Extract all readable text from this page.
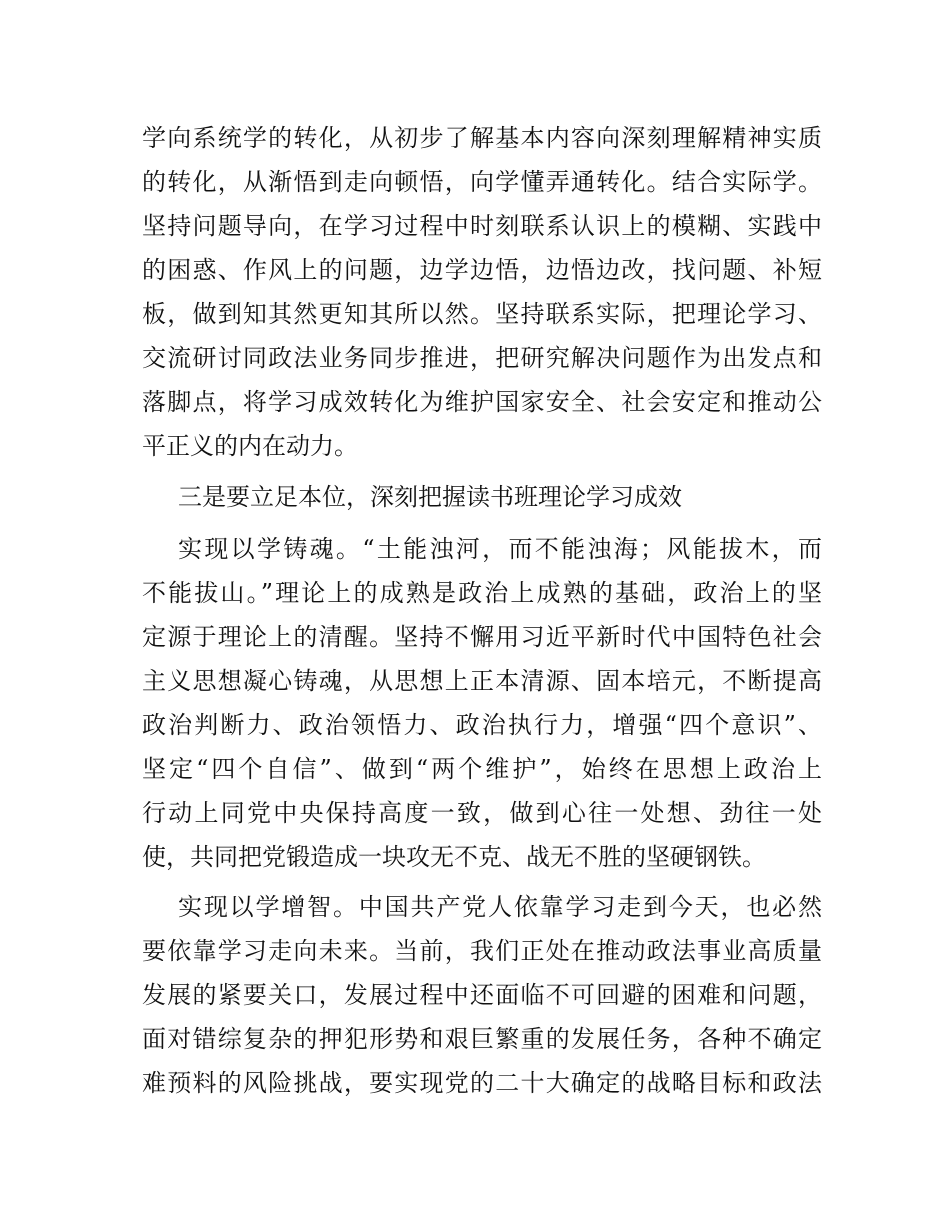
学向系统学的转化，从初步了解基本内容向深刻理解精神实质
的转化，从渐悟到走向顿悟，向学懂弄通转化。结合实际学。
坚持问题导向，在学习过程中时刻联系认识上的模糊、实践中
的困惑、作风上的问题，边学边悟，边悟边改，找问题、补短
板，做到知其然更知其所以然。坚持联系实际，把理论学习、
交流研讨同政法业务同步推进，把研究解决问题作为出发点和
落脚点，将学习成效转化为维护国家安全、社会安定和推动公
平正义的内在动力。
三是要立足本位，深刻把握读书班理论学习成效
实现以学铸魂。“土能浊河，而不能浊海；风能拔木，而
不能拔山。”理论上的成熟是政治上成熟的基础，政治上的坚
定源于理论上的清醒。坚持不懈用习近平新时代中国特色社会
主义思想凝心铸魂，从思想上正本清源、固本培元，不断提高
政治判断力、政治领悟力、政治执行力，增强“四个意识”、
坚定“四个自信”、做到“两个维护”，始终在思想上政治上
行动上同党中央保持高度一致，做到心往一处想、劲往一处
使，共同把党锻造成一块攻无不克、战无不胜的坚硬钢铁。
实现以学增智。中国共产党人依靠学习走到今天，也必然
要依靠学习走向未来。当前，我们正处在推动政法事业高质量
发展的紧要关口，发展过程中还面临不可回避的困难和问题，
面对错综复杂的押犯形势和艰巨繁重的发展任务，各种不确定
难预料的风险挑战，要实现党的二十大确定的战略目标和政法
